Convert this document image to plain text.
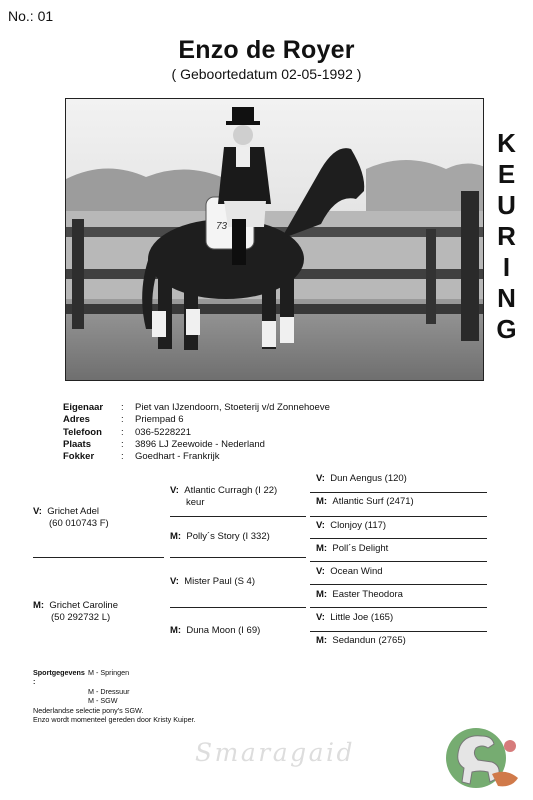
No.: 01
Enzo de Royer
( Geboortedatum 02-05-1992 )
73
K
E
U
R
I
N
G
Eigenaar	:	Piet van IJzendoorn, Stoeterij v/d Zonnehoeve
Adres	:	Priempad 6
Telefoon	:	036-5228221
Plaats	:	3896 LJ Zeewoide - Nederland
Fokker	:	Goedhart - Frankrijk
V: Grichet Adel
(60 010743 F)
M: Grichet Caroline
(50 292732 L)
V: Atlantic Curragh (I 22)
keur
M: Polly´s Story (I 332)
V: Mister Paul (S 4)
M: Duna Moon (I 69)
V: Dun Aengus (120)
M: Atlantic Surf (2471)
V: Clonjoy (117)
M: Poll´s Delight
V: Ocean Wind
M: Easter Theodora
V: Little Joe (165)
M: Sedandun (2765)
Sportgegevens :
M - Springen
M - Dressuur
M - SGW
Nederlandse selectie pony's SGW.
Enzo wordt momenteel gereden door Kristy Kuiper.
Smaragaid
